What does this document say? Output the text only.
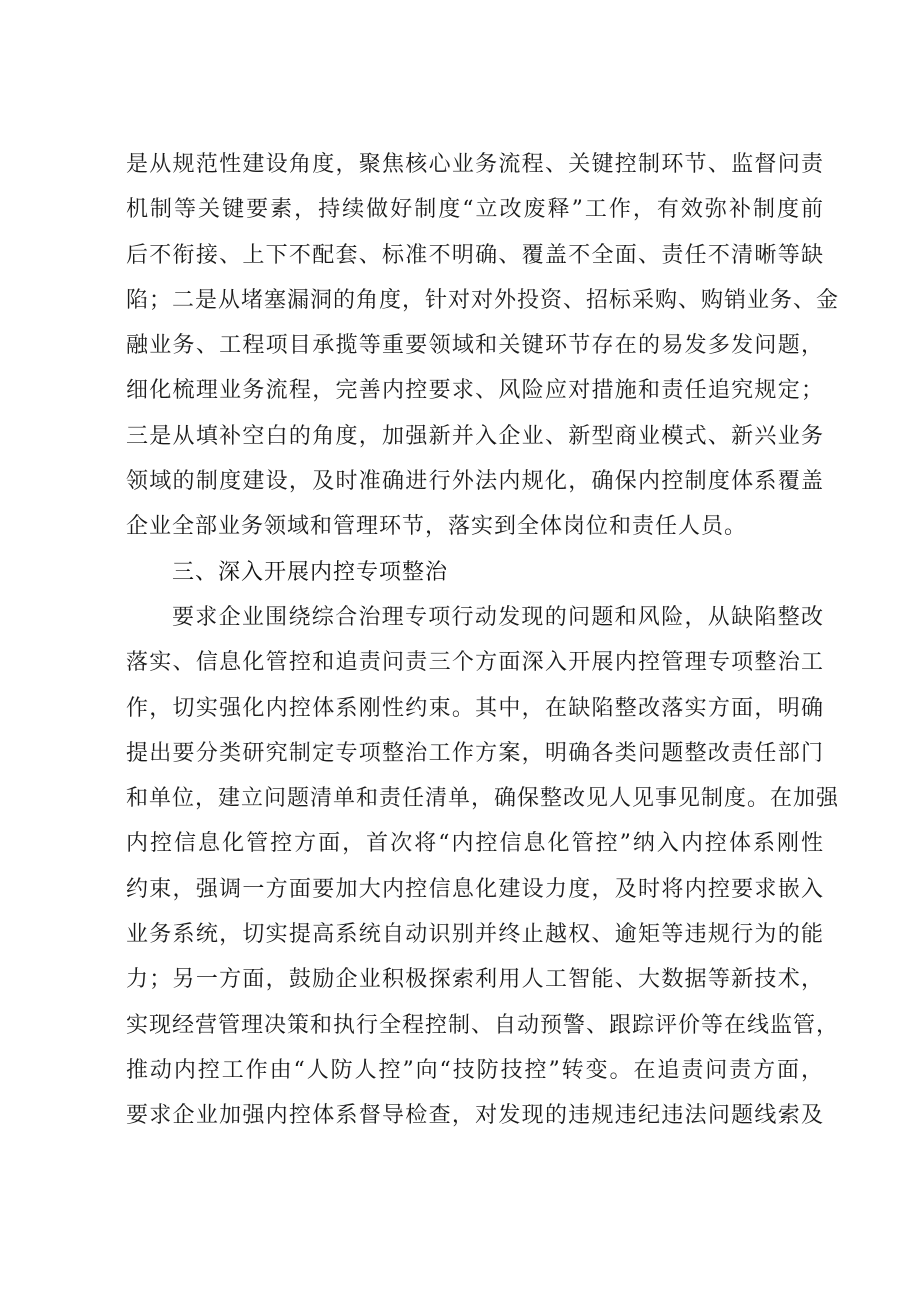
是从规范性建设角度，聚焦核心业务流程、关键控制环节、监督问责
机制等关键要素，持续做好制度“立改废释”工作，有效弥补制度前
后不衔接、上下不配套、标准不明确、覆盖不全面、责任不清晰等缺
陷；二是从堵塞漏洞的角度，针对对外投资、招标采购、购销业务、金
融业务、工程项目承揽等重要领域和关键环节存在的易发多发问题，
细化梳理业务流程，完善内控要求、风险应对措施和责任追究规定；
三是从填补空白的角度，加强新并入企业、新型商业模式、新兴业务
领域的制度建设，及时准确进行外法内规化，确保内控制度体系覆盖
企业全部业务领域和管理环节，落实到全体岗位和责任人员。
三、深入开展内控专项整治
要求企业围绕综合治理专项行动发现的问题和风险，从缺陷整改
落实、信息化管控和追责问责三个方面深入开展内控管理专项整治工
作，切实强化内控体系刚性约束。其中，在缺陷整改落实方面，明确
提出要分类研究制定专项整治工作方案，明确各类问题整改责任部门
和单位，建立问题清单和责任清单，确保整改见人见事见制度。在加强
内控信息化管控方面，首次将“内控信息化管控”纳入内控体系刚性
约束，强调一方面要加大内控信息化建设力度，及时将内控要求嵌入
业务系统，切实提高系统自动识别并终止越权、逾矩等违规行为的能
力；另一方面，鼓励企业积极探索利用人工智能、大数据等新技术，
实现经营管理决策和执行全程控制、自动预警、跟踪评价等在线监管，
推动内控工作由“人防人控”向“技防技控”转变。在追责问责方面，
要求企业加强内控体系督导检查，对发现的违规违纪违法问题线索及
